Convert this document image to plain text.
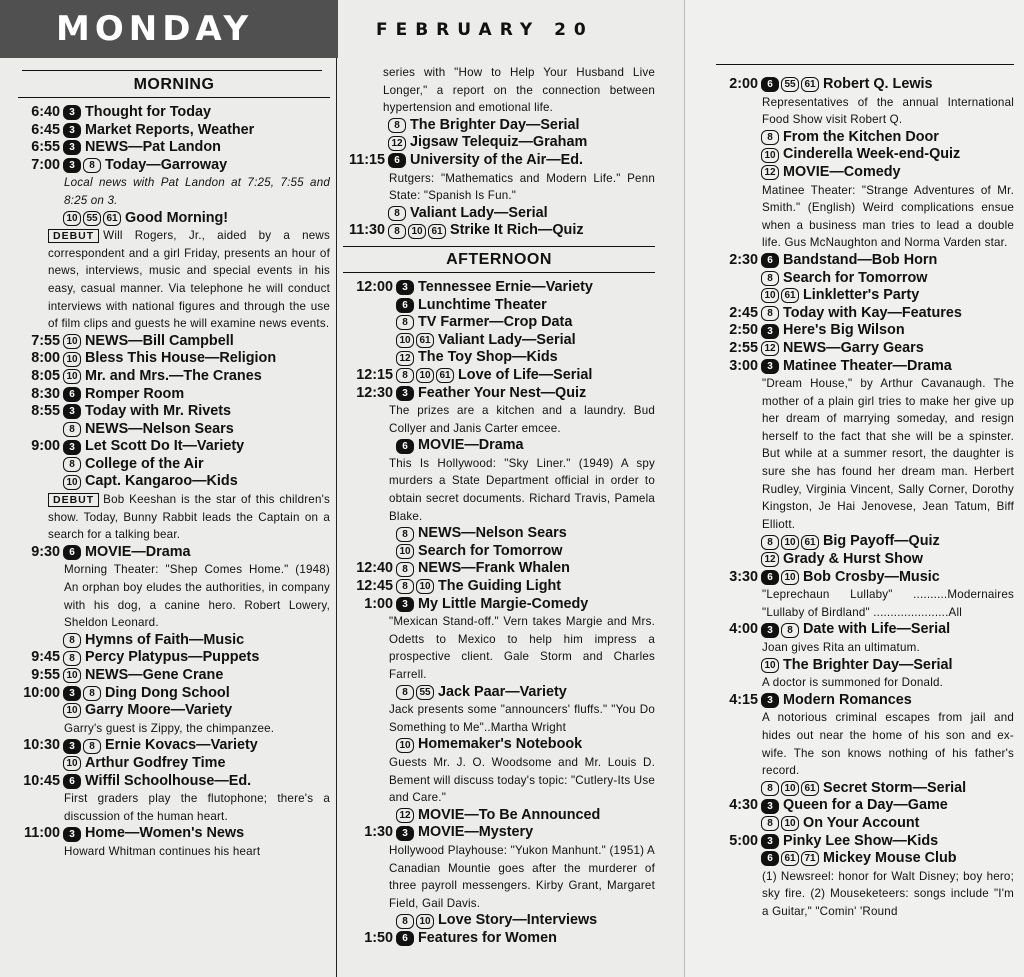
MONDAY	FEBRUARY 20
MORNING
6:40 3 Thought for Today
6:45 3 Market Reports, Weather
6:55 3 NEWS—Pat Landon
7:00 3	8 Today—Garroway
Local news with Pat Landon at 7:25, 7:55 and 8:25 on 3.
10 55 61 Good Morning!
DEBUT Will Rogers, Jr., aided by a news correspondent and a girl Friday, presents an hour of news, interviews, music and special events in his easy, casual manner. Via telephone he will conduct interviews with national figures and through the use of film clips and guests he will examine news events.
7:55 10 NEWS—Bill Campbell
8:00 10 Bless This House—Religion
8:05 10 Mr. and Mrs.—The Cranes
8:30 6 Romper Room
8:55 3 Today with Mr. Rivets
8 NEWS—Nelson Sears
9:00 3 Let Scott Do It—Variety
8 College of the Air
10 Capt. Kangaroo—Kids
DEBUT Bob Keeshan is the star of this children's show. Today, Bunny Rabbit leads the Captain on a search for a talking bear.
9:30 6 MOVIE—Drama
Morning Theater: "Shep Comes Home." (1948) An orphan boy eludes the authorities, in company with his dog, a canine hero. Robert Lowery, Sheldon Leonard.
8 Hymns of Faith—Music
9:45 8 Percy Platypus—Puppets
9:55 10 NEWS—Gene Crane
10:00 3	8 Ding Dong School
10 Garry Moore—Variety
Garry's guest is Zippy, the chimpanzee.
10:30 3	8 Ernie Kovacs—Variety
10 Arthur Godfrey Time
10:45 6 Wiffil Schoolhouse—Ed.
First graders play the flutophone; there's a discussion of the human heart.
11:00 3 Home—Women's News
Howard Whitman continues his heart
series with "How to Help Your Husband Live Longer," a report on the connection between hypertension and emotional life.
8 The Brighter Day—Serial
12 Jigsaw Telequiz—Graham
11:15 6 University of the Air—Ed.
Rutgers: "Mathematics and Modern Life." Penn State: "Spanish Is Fun."
8 Valiant Lady—Serial
11:30 8	10 61 Strike It Rich—Quiz
AFTERNOON
12:00 3 Tennessee Ernie—Variety
6 Lunchtime Theater
8 TV Farmer—Crop Data
10 61 Valiant Lady—Serial
12 The Toy Shop—Kids
12:15 8	10 61 Love of Life—Serial
12:30 3 Feather Your Nest—Quiz
The prizes are a kitchen and a laundry. Bud Collyer and Janis Carter emcee.
6 MOVIE—Drama
This Is Hollywood: "Sky Liner." (1949) A spy murders a State Department official in order to obtain secret documents. Richard Travis, Pamela Blake.
8 NEWS—Nelson Sears
10 Search for Tomorrow
12:40 8 NEWS—Frank Whalen
12:45 8	10 The Guiding Light
1:00 3 My Little Margie-Comedy
"Mexican Stand-off." Vern takes Margie and Mrs. Odetts to Mexico to help him impress a prospective client. Gale Storm and Charles Farrell.
8	55 Jack Paar—Variety
Jack presents some "announcers' fluffs." "You Do Something to Me"..Martha Wright
10 Homemaker's Notebook
Guests Mr. J. O. Woodsome and Mr. Louis D. Bement will discuss today's topic: "Cutlery-Its Use and Care."
12 MOVIE—To Be Announced
1:30 3 MOVIE—Mystery
Hollywood Playhouse: "Yukon Manhunt." (1951) A Canadian Mountie goes after the murderer of three payroll messengers. Kirby Grant, Margaret Field, Gail Davis.
8	10 Love Story—Interviews
1:50 6 Features for Women
2:00 6	55 61 Robert Q. Lewis
Representatives of the annual International Food Show visit Robert Q.
8 From the Kitchen Door
10 Cinderella Week-end-Quiz
12 MOVIE—Comedy
Matinee Theater: "Strange Adventures of Mr. Smith." (English) Weird complications ensue when a business man tries to lead a double life. Gus McNaughton and Norma Varden star.
2:30 6 Bandstand—Bob Horn
8 Search for Tomorrow
10 61 Linkletter's Party
2:45 8 Today with Kay—Features
2:50 3 Here's Big Wilson
2:55 12 NEWS—Garry Gears
3:00 3 Matinee Theater—Drama
"Dream House," by Arthur Cavanaugh. The mother of a plain girl tries to make her give up her dream of marrying someday, and resign herself to the fact that she will be a spinster. But while at a summer resort, the daughter is sure she has found her dream man. Herbert Rudley, Virginia Vincent, Sally Corner, Dorothy Kingston, Je Hai Jenovese, Jean Tatum, Biff Elliott.
8	10 61 Big Payoff—Quiz
12 Grady & Hurst Show
3:30 6	10 Bob Crosby—Music
"Leprechaun Lullaby" ..........Modernaires "Lullaby of Birdland" ......................All
4:00 3	8 Date with Life—Serial
Joan gives Rita an ultimatum.
10 The Brighter Day—Serial
A doctor is summoned for Donald.
4:15 3 Modern Romances
A notorious criminal escapes from jail and hides out near the home of his son and ex-wife. The son knows nothing of his father's record.
8	10 61 Secret Storm—Serial
4:30 3 Queen for a Day—Game
8	10 On Your Account
5:00 3 Pinky Lee Show—Kids
6	61 71 Mickey Mouse Club
(1) Newsreel: honor for Walt Disney; boy hero; sky fire. (2) Mouseketeers: songs include "I'm a Guitar," "Comin' 'Round
